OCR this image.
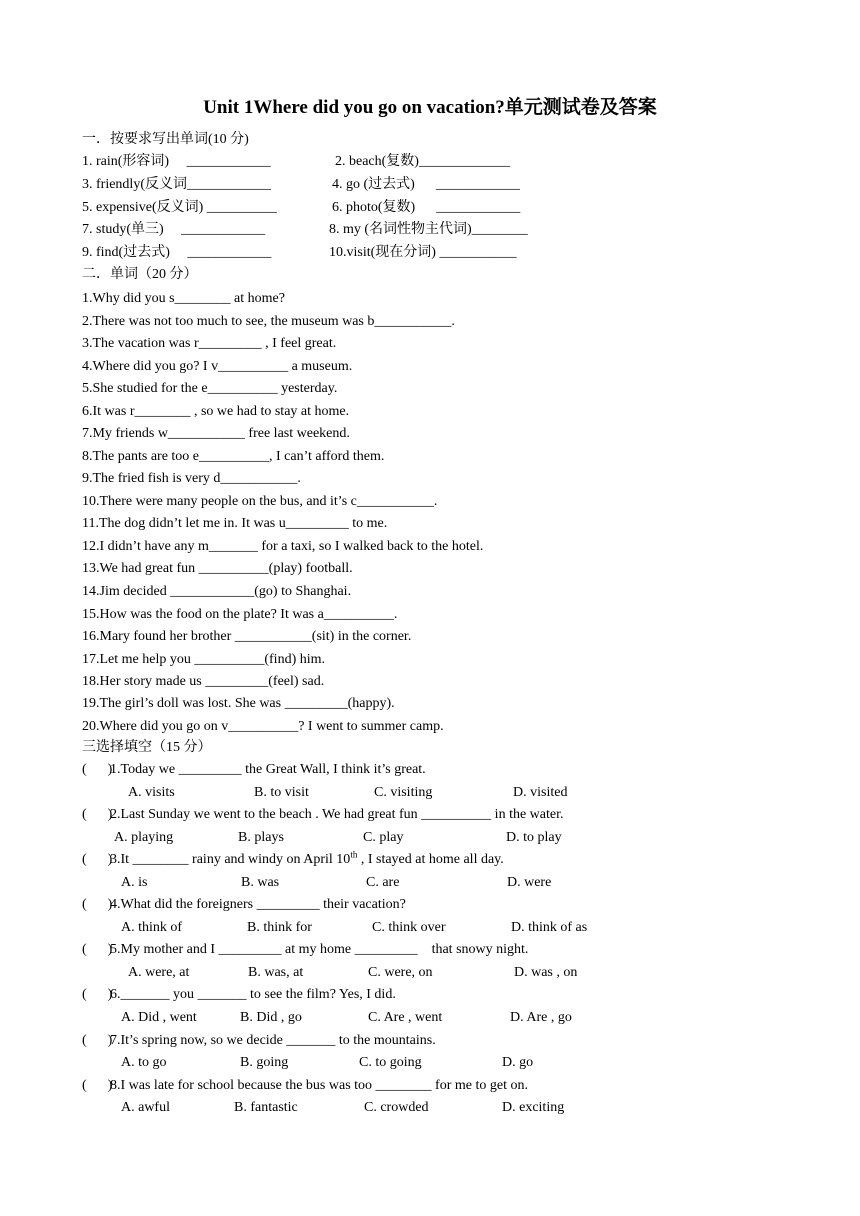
Unit 1Where did you go on vacation?单元测试卷及答案
一．按要求写出单词(10 分)
1. rain(形容词)     ____________	2. beach(复数)_____________
3. friendly(反义词____________	4. go (过去式)      ____________
5. expensive(反义词) __________	6. photo(复数)      ____________
7. study(单三)     ____________	8. my (名词性物主代词)________
9. find(过去式)     ____________	10.visit(现在分词) ___________
二．单词（20 分）
1.Why did you s________ at home?
2.There was not too much to see, the museum was b___________.
3.The vacation was r_________ , I feel great.
4.Where did you go? I v__________ a museum.
5.She studied for the e__________ yesterday.
6.It was r________ , so we had to stay at home.
7.My friends w___________ free last weekend.
8.The pants are too e__________, I can’t afford them.
9.The fried fish is very d___________.
10.There were many people on the bus, and it’s c___________.
11.The dog didn’t let me in. It was u_________ to me.
12.I didn’t have any m_______ for a taxi, so I walked back to the hotel.
13.We had great fun __________(play) football.
14.Jim decided ____________(go) to Shanghai.
15.How was the food on the plate? It was a__________.
16.Mary found her brother ___________(sit) in the corner.
17.Let me help you __________(find) him.
18.Her story made us _________(feel) sad.
19.The girl’s doll was lost. She was _________(happy).
20.Where did you go on v__________? I went to summer camp.
三选择填空（15 分）
(      )
1.Today we _________ the Great Wall, I think it’s great.
A. visits	B. to visit	C. visiting	D. visited
(      )
2.Last Sunday we went to the beach . We had great fun __________ in the water.
A. playing	B. plays	C. play	D. to play
(      )
3.It ________ rainy and windy on April 10th , I stayed at home all day.
A. is	B. was	C. are	D. were
(      )
4.What did the foreigners _________ their vacation?
A. think of	B. think for	C. think over	D. think of as
(      )
5.My mother and I _________ at my home _________    that snowy night.
A. were, at	B. was, at	C. were, on	D. was , on
(      )
6._______ you _______ to see the film? Yes, I did.
A. Did , went	B. Did , go	C. Are , went	D. Are , go
(      )
7.It’s spring now, so we decide _______ to the mountains.
A. to go	B. going	C. to going	D. go
(      )
8.I was late for school because the bus was too ________ for me to get on.
A. awful	B. fantastic	C. crowded	D. exciting
